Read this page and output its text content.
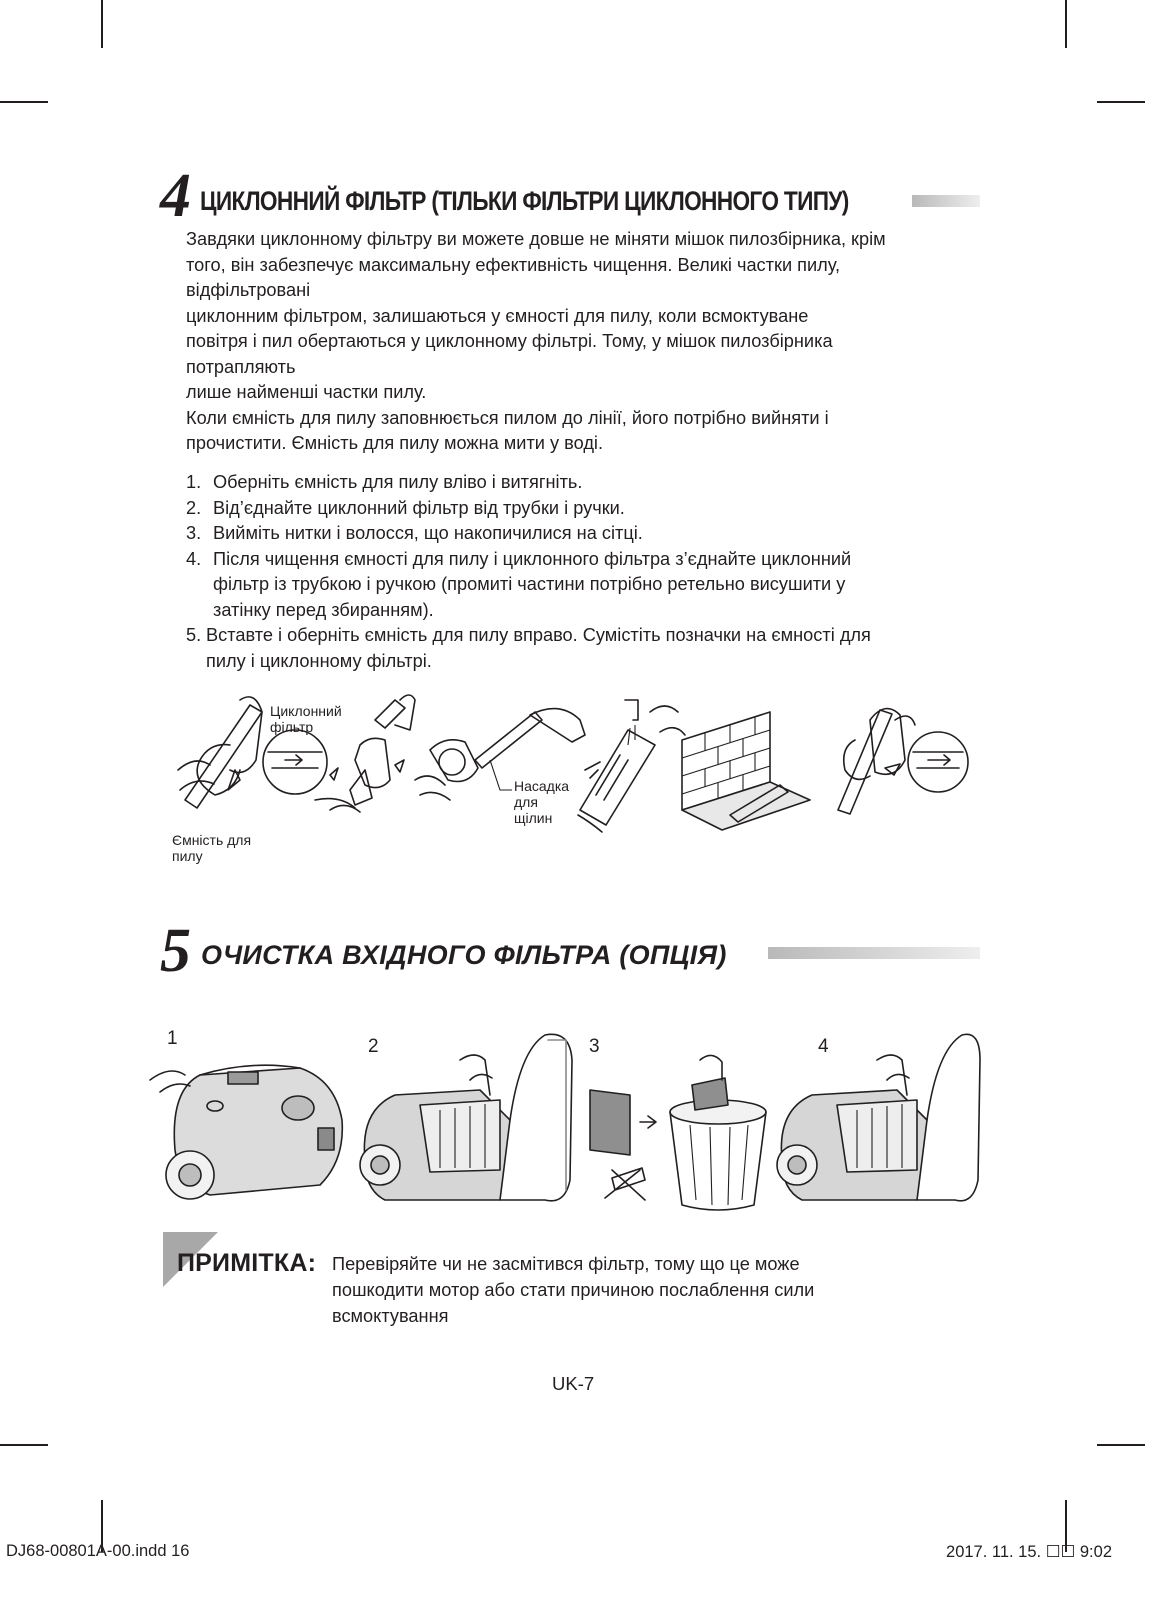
4 ЦИКЛОННИЙ ФІЛЬТР (ТІЛЬКИ ФІЛЬТРИ ЦИКЛОННОГО ТИПУ)
Завдяки циклонному фільтру ви можете довше не міняти мішок пилозбірника, крім
того, він забезпечує максимальну ефективність чищення. Великі частки пилу,
відфільтровані
циклонним фільтром, залишаються у ємності для пилу, коли всмоктуване
повітря і пил обертаються у циклонному фільтрі. Тому, у мішок пилозбірника
потрапляють
лише найменші частки пилу.
Коли ємність для пилу заповнюється пилом до лінії, його потрібно вийняти і
прочистити. Ємність для пилу можна мити у воді.
1. Оберніть ємність для пилу вліво і витягніть.
2. Від’єднайте циклонний фільтр від трубки і ручки.
3. Вийміть нитки і волосся, що накопичилися на сітці.
4. Після чищення ємності для пилу і циклонного фільтра з’єднайте циклонний
фільтр із трубкою і ручкою (промиті частини потрібно ретельно висушити у
затінку перед збиранням).
5. Вставте і оберніть ємність для пилу вправо. Сумістіть позначки на ємності для
пилу і циклонному фільтрі.
Циклонний
фільтр
Ємність для
пилу
Насадка
для
щілин
5 ОЧИСТКА ВХІДНОГО ФІЛЬТРА (ОПЦІЯ)
1	2	3	4
ПРИМІТКА: Перевіряйте чи не засмітився фільтр, тому що це може
пошкодити мотор або стати причиною послаблення сили
всмоктування
UK-7
DJ68-00801A-00.indd 16	2017. 11. 15. ☐☐ 9:02
